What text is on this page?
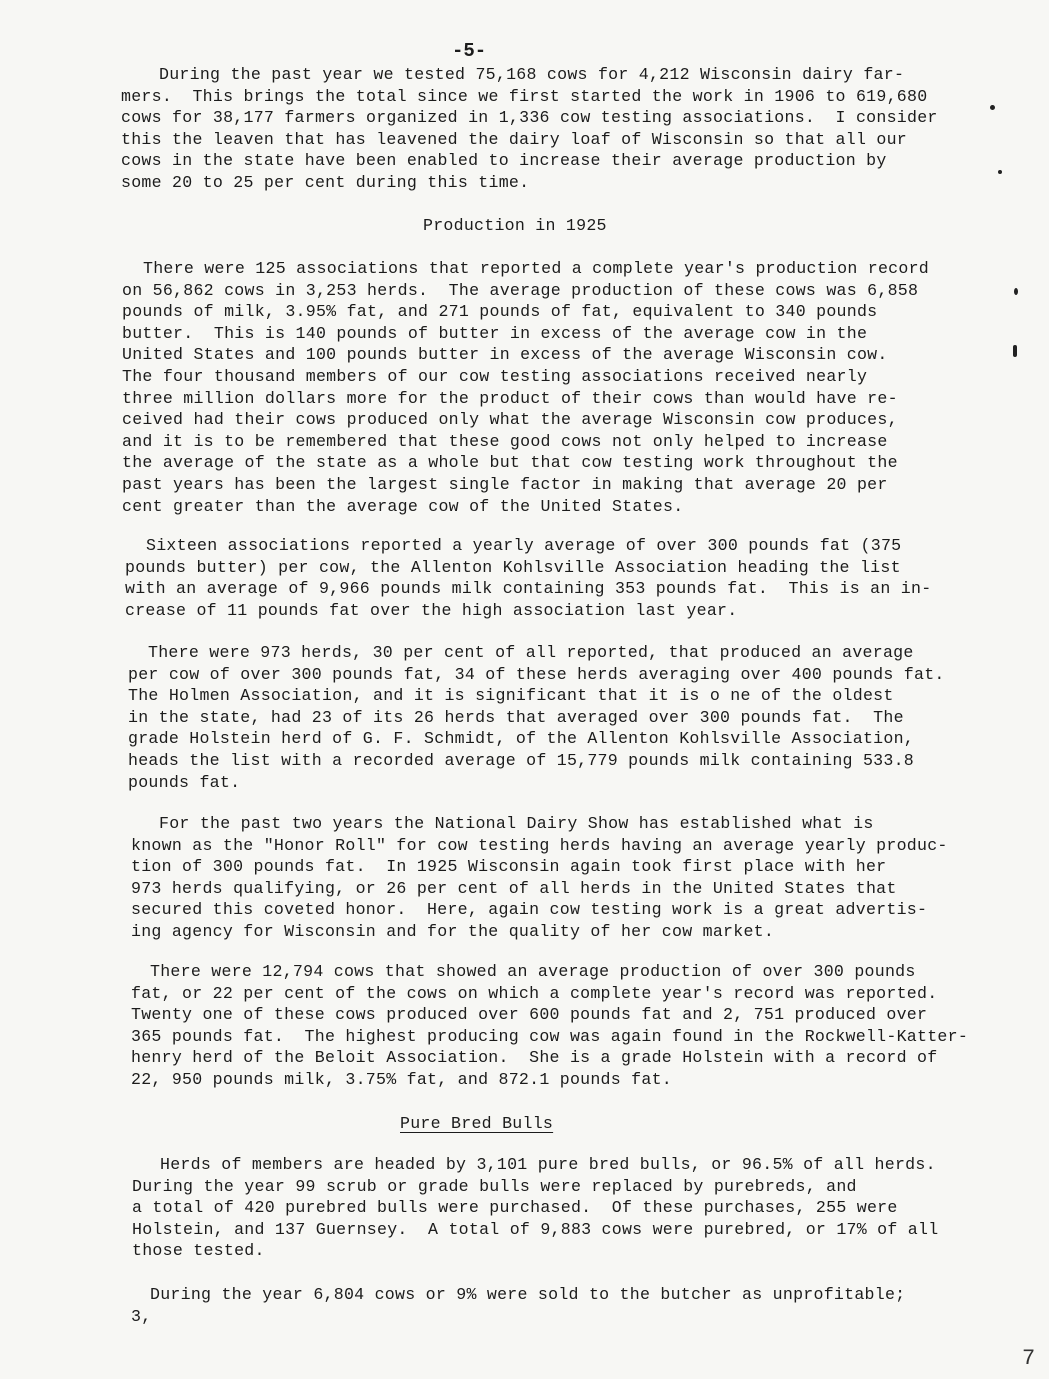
-5-
During the past year we tested 75,168 cows for 4,212 Wisconsin dairy far-
mers.  This brings the total since we first started the work in 1906 to 619,680
cows for 38,177 farmers organized in 1,336 cow testing associations.  I consider
this the leaven that has leavened the dairy loaf of Wisconsin so that all our
cows in the state have been enabled to increase their average production by
some 20 to 25 per cent during this time.
Production in 1925
There were 125 associations that reported a complete year's production record
on 56,862 cows in 3,253 herds.  The average production of these cows was 6,858
pounds of milk, 3.95% fat, and 271 pounds of fat, equivalent to 340 pounds
butter.  This is 140 pounds of butter in excess of the average cow in the
United States and 100 pounds butter in excess of the average Wisconsin cow.
The four thousand members of our cow testing associations received nearly
three million dollars more for the product of their cows than would have re-
ceived had their cows produced only what the average Wisconsin cow produces,
and it is to be remembered that these good cows not only helped to increase
the average of the state as a whole but that cow testing work throughout the
past years has been the largest single factor in making that average 20 per
cent greater than the average cow of the United States.
Sixteen associations reported a yearly average of over 300 pounds fat (375
pounds butter) per cow, the Allenton Kohlsville Association heading the list
with an average of 9,966 pounds milk containing 353 pounds fat.  This is an in-
crease of 11 pounds fat over the high association last year.
There were 973 herds, 30 per cent of all reported, that produced an average
per cow of over 300 pounds fat, 34 of these herds averaging over 400 pounds fat.
The Holmen Association, and it is significant that it is o ne of the oldest
in the state, had 23 of its 26 herds that averaged over 300 pounds fat.  The
grade Holstein herd of G. F. Schmidt, of the Allenton Kohlsville Association,
heads the list with a recorded average of 15,779 pounds milk containing 533.8
pounds fat.
For the past two years the National Dairy Show has established what is
known as the "Honor Roll" for cow testing herds having an average yearly produc-
tion of 300 pounds fat.  In 1925 Wisconsin again took first place with her
973 herds qualifying, or 26 per cent of all herds in the United States that
secured this coveted honor.  Here, again cow testing work is a great advertis-
ing agency for Wisconsin and for the quality of her cow market.
There were 12,794 cows that showed an average production of over 300 pounds
fat, or 22 per cent of the cows on which a complete year's record was reported.
Twenty one of these cows produced over 600 pounds fat and 2, 751 produced over
365 pounds fat.  The highest producing cow was again found in the Rockwell-Katter-
henry herd of the Beloit Association.  She is a grade Holstein with a record of
22, 950 pounds milk, 3.75% fat, and 872.1 pounds fat.
Pure Bred Bulls
Herds of members are headed by 3,101 pure bred bulls, or 96.5% of all herds.
During the year 99 scrub or grade bulls were replaced by purebreds, and
a total of 420 purebred bulls were purchased.  Of these purchases, 255 were
Holstein, and 137 Guernsey.  A total of 9,883 cows were purebred, or 17% of all
those tested.
During the year 6,804 cows or 9% were sold to the butcher as unprofitable;
3,
7
